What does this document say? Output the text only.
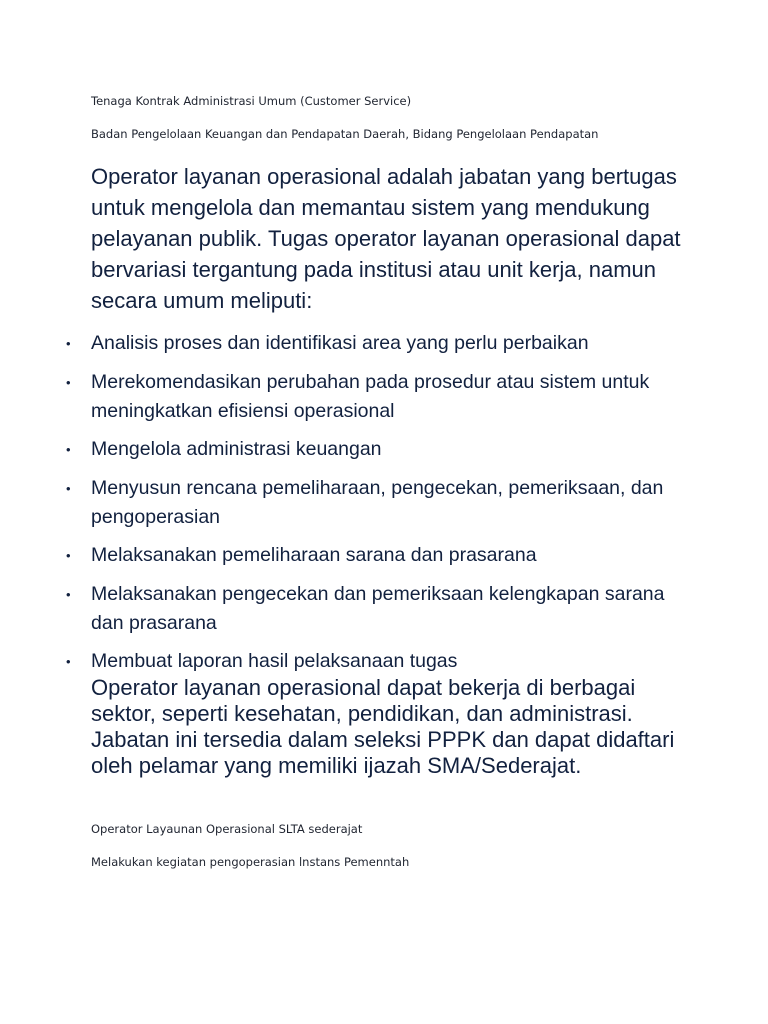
Tenaga Kontrak Administrasi Umum (Customer Service)
Badan Pengelolaan Keuangan dan Pendapatan Daerah, Bidang Pengelolaan Pendapatan

Operator layanan operasional adalah jabatan yang bertugas untuk mengelola dan memantau sistem yang mendukung pelayanan publik. Tugas operator layanan operasional dapat bervariasi tergantung pada institusi atau unit kerja, namun secara umum meliputi:

• Analisis proses dan identifikasi area yang perlu perbaikan
• Merekomendasikan perubahan pada prosedur atau sistem untuk meningkatkan efisiensi operasional
• Mengelola administrasi keuangan
• Menyusun rencana pemeliharaan, pengecekan, pemeriksaan, dan pengoperasian
• Melaksanakan pemeliharaan sarana dan prasarana
• Melaksanakan pengecekan dan pemeriksaan kelengkapan sarana dan prasarana
• Membuat laporan hasil pelaksanaan tugas

Operator layanan operasional dapat bekerja di berbagai sektor, seperti kesehatan, pendidikan, dan administrasi. Jabatan ini tersedia dalam seleksi PPPK dan dapat didaftari oleh pelamar yang memiliki ijazah SMA/Sederajat.

Operator Layaunan Operasional SLTA sederajat
Melakukan kegiatan pengoperasian lnstans Pemenntah
